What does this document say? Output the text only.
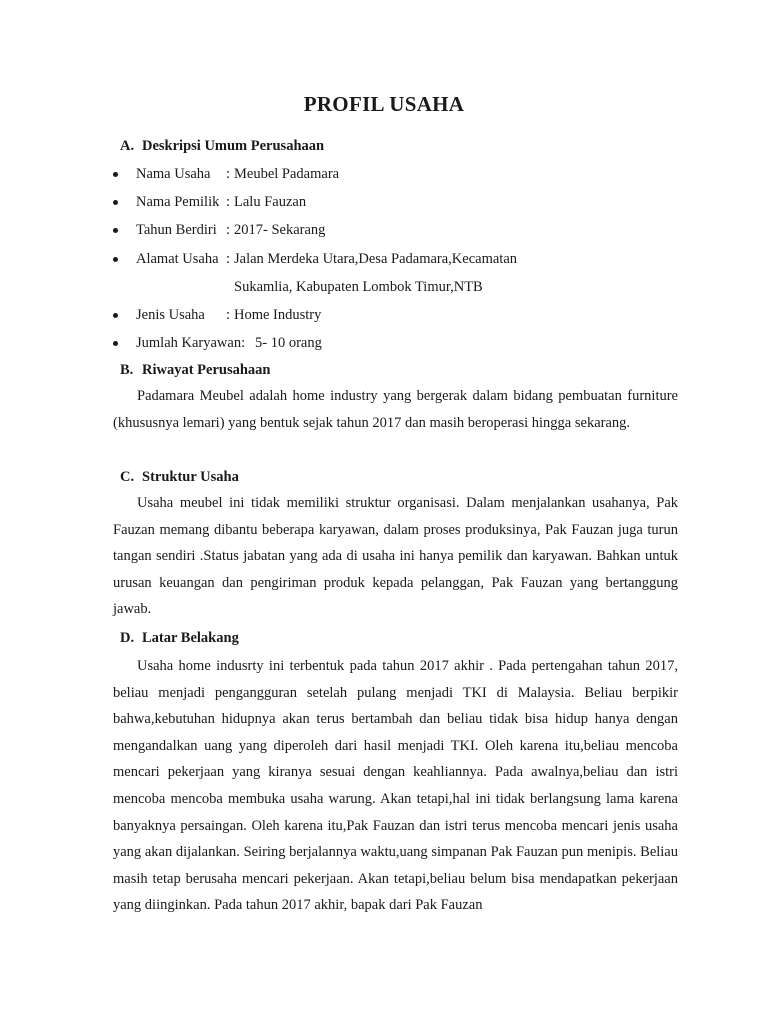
PROFIL USAHA
A. Deskripsi Umum Perusahaan
Nama Usaha : Meubel Padamara
Nama Pemilik : Lalu Fauzan
Tahun Berdiri : 2017- Sekarang
Alamat Usaha : Jalan Merdeka Utara,Desa Padamara,Kecamatan
Sukamlia, Kabupaten Lombok Timur,NTB
Jenis Usaha : Home Industry
Jumlah Karyawan: 5- 10 orang
B. Riwayat Perusahaan
Padamara Meubel adalah home industry yang bergerak dalam bidang pembuatan furniture (khususnya lemari) yang bentuk sejak tahun 2017 dan masih beroperasi hingga sekarang.
C. Struktur Usaha
Usaha meubel ini tidak memiliki struktur organisasi. Dalam menjalankan usahanya, Pak Fauzan memang dibantu beberapa karyawan, dalam proses produksinya, Pak Fauzan juga turun tangan sendiri .Status jabatan yang ada di usaha ini hanya pemilik dan karyawan. Bahkan untuk urusan keuangan dan pengiriman produk kepada pelanggan, Pak Fauzan yang bertanggung jawab.
D. Latar Belakang
Usaha home indusrty ini terbentuk pada tahun 2017 akhir . Pada pertengahan tahun 2017, beliau menjadi pengangguran setelah pulang menjadi TKI di Malaysia. Beliau berpikir bahwa,kebutuhan hidupnya akan terus bertambah dan beliau tidak bisa hidup hanya dengan mengandalkan uang yang diperoleh dari hasil menjadi TKI. Oleh karena itu,beliau mencoba mencari pekerjaan yang kiranya sesuai dengan keahliannya. Pada awalnya,beliau dan istri mencoba mencoba membuka usaha warung. Akan tetapi,hal ini tidak berlangsung lama karena banyaknya persaingan. Oleh karena itu,Pak Fauzan dan istri terus mencoba mencari jenis usaha yang akan dijalankan. Seiring berjalannya waktu,uang simpanan Pak Fauzan pun menipis. Beliau masih tetap berusaha mencari pekerjaan. Akan tetapi,beliau belum bisa mendapatkan pekerjaan yang diinginkan. Pada tahun 2017 akhir, bapak dari Pak Fauzan
